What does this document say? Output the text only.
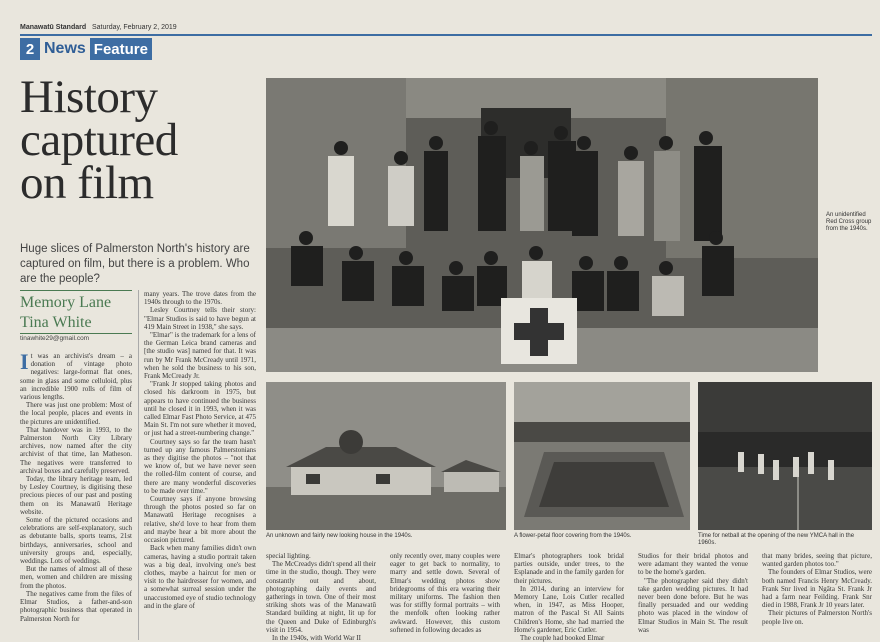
Manawatū Standard Saturday, February 2, 2019
2 News Feature
History
captured
on film
Huge slices of Palmerston North's history are captured on film, but there is a problem. Who are the people?
Memory Lane
Tina White
tinawhite29@gmail.com

It was an archivist's dream – a donation of vintage photo negatives: large-format flat ones, some in glass and some celluloid, plus an incredible 1900 rolls of film of various lengths.

There was just one problem: Most of the local people, places and events in the pictures are unidentified.

That handover was in 1993, to the Palmerston North City Library archives, now named after the city archivist of that time, Ian Matheson. The negatives were transferred to archival boxes and carefully preserved.

Today, the library heritage team, led by Lesley Courtney, is digitising these precious pieces of our past and posting them on its Manawatū Heritage website.

Some of the pictured occasions and celebrations are self-explanatory, such as debutante balls, sports teams, 21st birthdays, anniversaries, school and university groups and, especially, weddings. Lots of weddings.

But the names of almost all of these men, women and children are missing from the photos.

The negatives came from the files of Elmar Studios, a father-and-son photographic business that operated in Palmerston North for

many years. The trove dates from the 1940s through to the 1970s.

Lesley Courtney tells their story: "Elmar Studios is said to have begun at 419 Main Street in 1938," she says.

"Elmar" is the trademark for a lens of the German Leica brand cameras and [the studio was] named for that. It was run by Mr Frank McCready until 1971, when he sold the business to his son, Frank McCready Jr.

"Frank Jr stopped taking photos and closed his darkroom in 1975, but appears to have continued the business until he closed it in 1993, when it was called Elmar Fast Photo Service, at 475 Main St. I'm not sure whether it moved, or just had a street-numbering change."

Courtney says so far the team hasn't turned up any famous Palmerstonians as they digitise the photos – "not that we know of, but we have never seen the rolled-film content of course, and there are many wonderful discoveries to be made over time."

Courtney says if anyone browsing through the photos posted so far on Manawatū Heritage recognises a relative, she'd love to hear from them and maybe hear a bit more about the occasion pictured.

Back when many families didn't own cameras, having a studio portrait taken was a big deal, involving one's best clothes, maybe a haircut for men or visit to the hairdresser for women, and a somewhat surreal session under the unaccustomed eye of studio technology and in the glare of

An unidentified Red Cross group from the 1940s.
An unknown and fairly new looking house in the 1940s.	A flower-petal floor covering from the 1940s.	Time for netball at the opening of the new YMCA hall in the 1960s.

special lighting.

The McCreadys didn't spend all their time in the studio, though. They were constantly out and about, photographing daily events and gatherings in town. One of their most striking shots was of the Manawatū Standard building at night, lit up for the Queen and Duke of Edinburgh's visit in 1954.

In the 1940s, with World War II

only recently over, many couples were eager to get back to normality, to marry and settle down. Several of Elmar's wedding photos show bridegrooms of this era wearing their military uniforms. The fashion then was for stiffly formal portraits – with the menfolk often looking rather awkward. However, this custom softened in following decades as

Elmar's photographers took bridal parties outside, under trees, to the Esplanade and in the family garden for their pictures.

In 2014, during an interview for Memory Lane, Lois Cutler recalled when, in 1947, as Miss Hooper, matron of the Pascal St All Saints Children's Home, she had married the Home's gardener, Eric Cutler.

The couple had booked Elmar

Studios for their bridal photos and were adamant they wanted the venue to be the home's garden.

"The photographer said they didn't take garden wedding pictures. It had never been done before. But he was finally persuaded and our wedding photo was placed in the window of Elmar Studios in Main St. The result was

that many brides, seeing that picture, wanted garden photos too."

The founders of Elmar Studios, were both named Francis Henry McCready. Frank Snr lived in Ngāta St. Frank Jr had a farm near Feilding. Frank Snr died in 1988, Frank Jr 10 years later.

Their pictures of Palmerston North's people live on.
